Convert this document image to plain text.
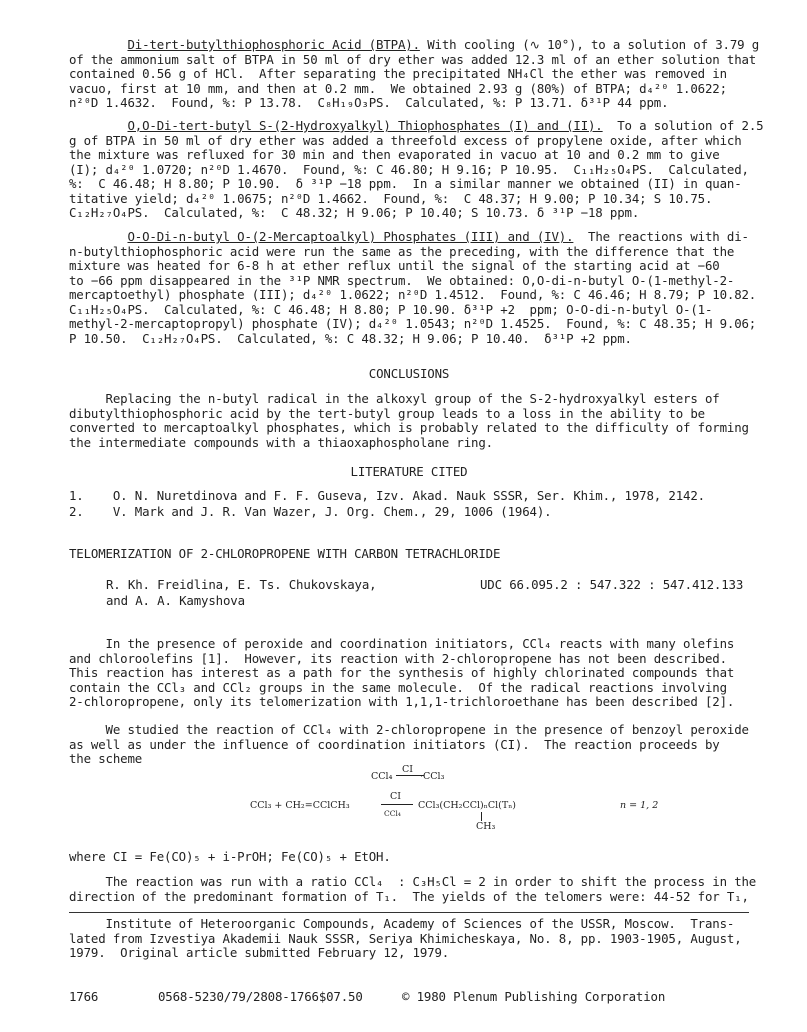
Di-tert-butylthiophosphoric Acid (BTPA). With cooling (∿ 10°), to a solution of 3.79 g
of the ammonium salt of BTPA in 50 ml of dry ether was added 12.3 ml of an ether solution that
contained 0.56 g of HCl.  After separating the precipitated NH₄Cl the ether was removed in
vacuo, first at 10 mm, and then at 0.2 mm.  We obtained 2.93 g (80%) of BTPA; d₄²⁰ 1.0622;
n²⁰D 1.4632.  Found, %: P 13.78.  C₈H₁₉O₃PS.  Calculated, %: P 13.71. δ³¹P 44 ppm.
O,O-Di-tert-butyl S-(2-Hydroxyalkyl) Thiophosphates (I) and (II).  To a solution of 2.5
g of BTPA in 50 ml of dry ether was added a threefold excess of propylene oxide, after which
the mixture was refluxed for 30 min and then evaporated in vacuo at 10 and 0.2 mm to give
(I); d₄²⁰ 1.0720; n²⁰D 1.4670.  Found, %: C 46.80; H 9.16; P 10.95.  C₁₁H₂₅O₄PS.  Calculated,
%:  C 46.48; H 8.80; P 10.90.  δ ³¹P −18 ppm.  In a similar manner we obtained (II) in quan-
titative yield; d₄²⁰ 1.0675; n²⁰D 1.4662.  Found, %:  C 48.37; H 9.00; P 10.34; S 10.75.
C₁₂H₂₇O₄PS.  Calculated, %:  C 48.32; H 9.06; P 10.40; S 10.73. δ ³¹P −18 ppm.
O-O-Di-n-butyl O-(2-Mercaptoalkyl) Phosphates (III) and (IV).  The reactions with di-
n-butylthiophosphoric acid were run the same as the preceding, with the difference that the
mixture was heated for 6-8 h at ether reflux until the signal of the starting acid at −60
to −66 ppm disappeared in the ³¹P NMR spectrum.  We obtained: O,O-di-n-butyl O-(1-methyl-2-
mercaptoethyl) phosphate (III); d₄²⁰ 1.0622; n²⁰D 1.4512.  Found, %: C 46.46; H 8.79; P 10.82.
C₁₁H₂₅O₄PS.  Calculated, %: C 46.48; H 8.80; P 10.90. δ³¹P +2  ppm; O-O-di-n-butyl O-(1-
methyl-2-mercaptopropyl) phosphate (IV); d₄²⁰ 1.0543; n²⁰D 1.4525.  Found, %: C 48.35; H 9.06;
P 10.50.  C₁₂H₂₇O₄PS.  Calculated, %: C 48.32; H 9.06; P 10.40.  δ³¹P +2 ppm.
CONCLUSIONS
Replacing the n-butyl radical in the alkoxyl group of the S-2-hydroxyalkyl esters of
dibutylthiophosphoric acid by the tert-butyl group leads to a loss in the ability to be
converted to mercaptoalkyl phosphates, which is probably related to the difficulty of forming
the intermediate compounds with a thiaoxaphospholane ring.
LITERATURE CITED
1.    O. N. Nuretdinova and F. F. Guseva, Izv. Akad. Nauk SSSR, Ser. Khim., 1978, 2142.
2.    V. Mark and J. R. Van Wazer, J. Org. Chem., 29, 1006 (1964).
TELOMERIZATION OF 2-CHLOROPROPENE WITH CARBON TETRACHLORIDE
R. Kh. Freidlina, E. Ts. Chukovskaya,
and A. A. Kamyshova
UDC 66.095.2 : 547.322 : 547.412.133
In the presence of peroxide and coordination initiators, CCl₄ reacts with many olefins
and chloroolefins [1].  However, its reaction with 2-chloropropene has not been described.
This reaction has interest as a path for the synthesis of highly chlorinated compounds that
contain the CCl₃ and CCl₂ groups in the same molecule.  Of the radical reactions involving
2-chloropropene, only its telomerization with 1,1,1-trichloroethane has been described [2].
We studied the reaction of CCl₄ with 2-chloropropene in the presence of benzoyl peroxide
as well as under the influence of coordination initiators (CI).  The reaction proceeds by
the scheme
CCl₄
CI
·CCl₃
CCl₃ + CH₂=CClCH₃
CI
CCl₄
CCl₃(CH₂CCl)ₙCl(Tₙ)
CH₃
n = 1, 2
where CI = Fe(CO)₅ + i-PrOH; Fe(CO)₅ + EtOH.
The reaction was run with a ratio CCl₄  : C₃H₅Cl = 2 in order to shift the process in the
direction of the predominant formation of T₁.  The yields of the telomers were: 44-52 for T₁,
Institute of Heteroorganic Compounds, Academy of Sciences of the USSR, Moscow.  Trans-
lated from Izvestiya Akademii Nauk SSSR, Seriya Khimicheskaya, No. 8, pp. 1903-1905, August,
1979.  Original article submitted February 12, 1979.
1766	0568-5230/79/2808-1766$07.50	© 1980 Plenum Publishing Corporation
